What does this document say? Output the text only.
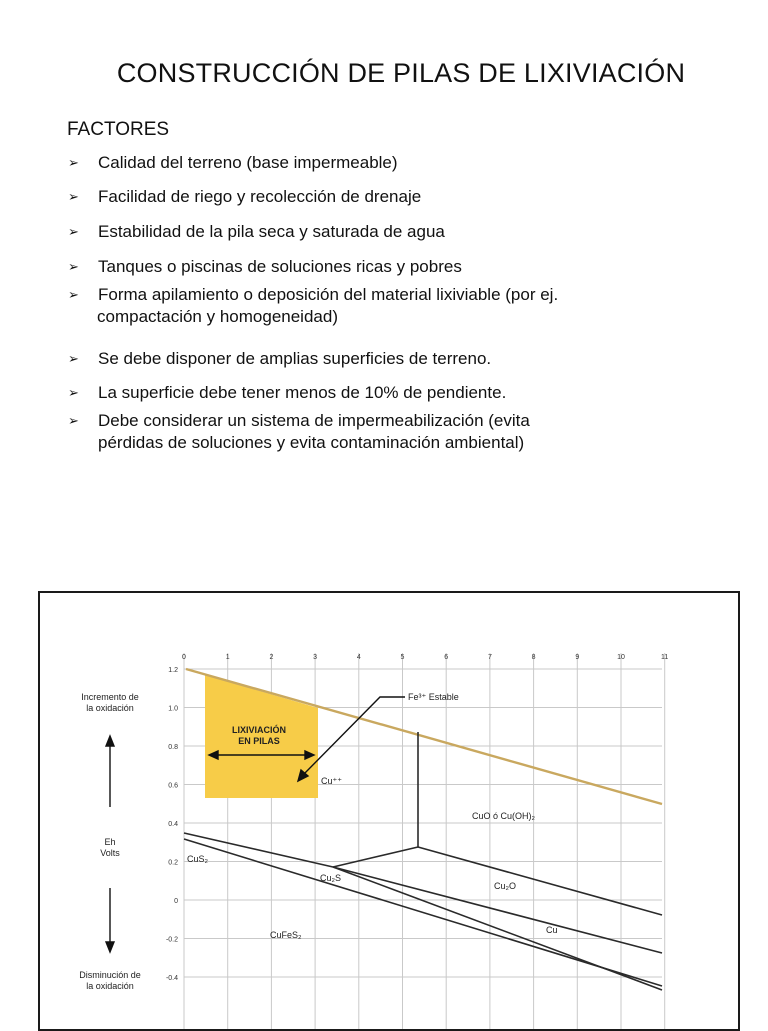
CONSTRUCCIÓN DE PILAS DE LIXIVIACIÓN
FACTORES
➢	Calidad del terreno (base impermeable)
➢	Facilidad de riego y recolección de drenaje
➢	Estabilidad de la pila seca y saturada de agua
➢	Tanques o piscinas de soluciones ricas y pobres
➢	Forma apilamiento o deposición del material lixiviable (por ej.
compactación y homogeneidad)
➢	Se debe disponer de amplias superficies de terreno.
➢	La superficie debe tener menos de 10% de pendiente.
➢	Debe considerar un sistema de impermeabilización (evita
pérdidas de soluciones y evita contaminación ambiental)
0	1	2	3	4	5	6	7	8	9	10	11
1.2
1.0
0.8
0.6
0.4
0.2
0
-0.2
-0.4
Incremento de
la oxidación
Eh
Volts
Disminución de
la oxidación
LIXIVIACIÓN
EN PILAS
Fe³⁺ Estable
Cu⁺⁺
CuO ó Cu(OH)₂
CuS₂
Cu₂S
Cu₂O
Cu
CuFeS₂
